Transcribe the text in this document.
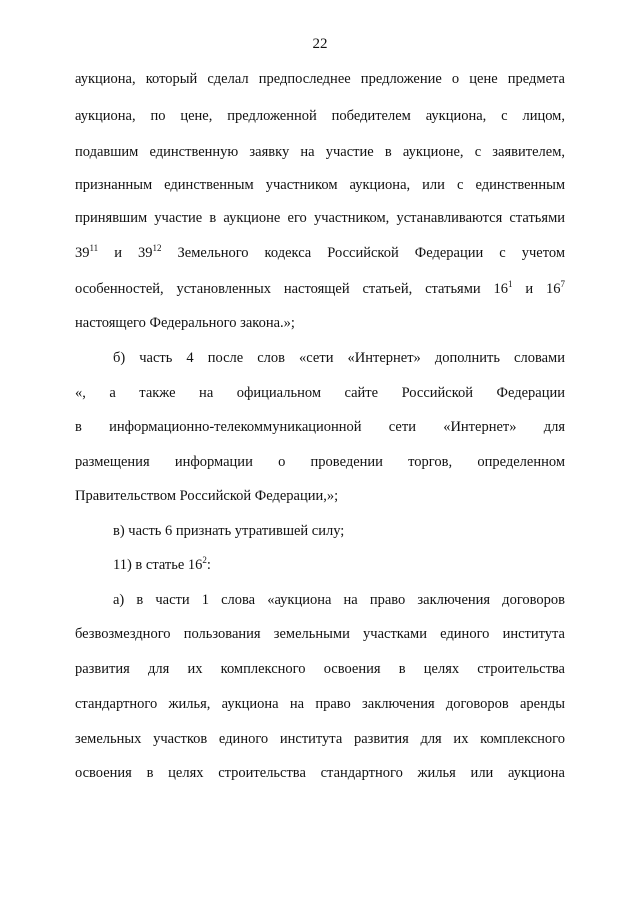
22
аукциона, который сделал предпоследнее предложение о цене предмета
аукциона, по цене, предложенной победителем аукциона, с лицом,
подавшим единственную заявку на участие в аукционе, с заявителем,
признанным единственным участником аукциона, или с единственным
принявшим участие в аукционе его участником, устанавливаются статьями
$39^{11}$ и $39^{12}$ Земельного кодекса Российской Федерации с учетом
особенностей, установленных настоящей статьей, статьями $16^1$ и $16^7$
настоящего Федерального закона.»;
б) часть 4 после слов «сети «Интернет» дополнить словами
«, а также на официальном сайте Российской Федерации
в информационно-телекоммуникационной сети «Интернет» для
размещения информации о проведении торгов, определенном
Правительством Российской Федерации,»;
в) часть 6 признать утратившей силу;
11) в статье $16^2$:
а) в части 1 слова «аукциона на право заключения договоров
безвозмездного пользования земельными участками единого института
развития для их комплексного освоения в целях строительства
стандартного жилья, аукциона на право заключения договоров аренды
земельных участков единого института развития для их комплексного
освоения в целях строительства стандартного жилья или аукциона
